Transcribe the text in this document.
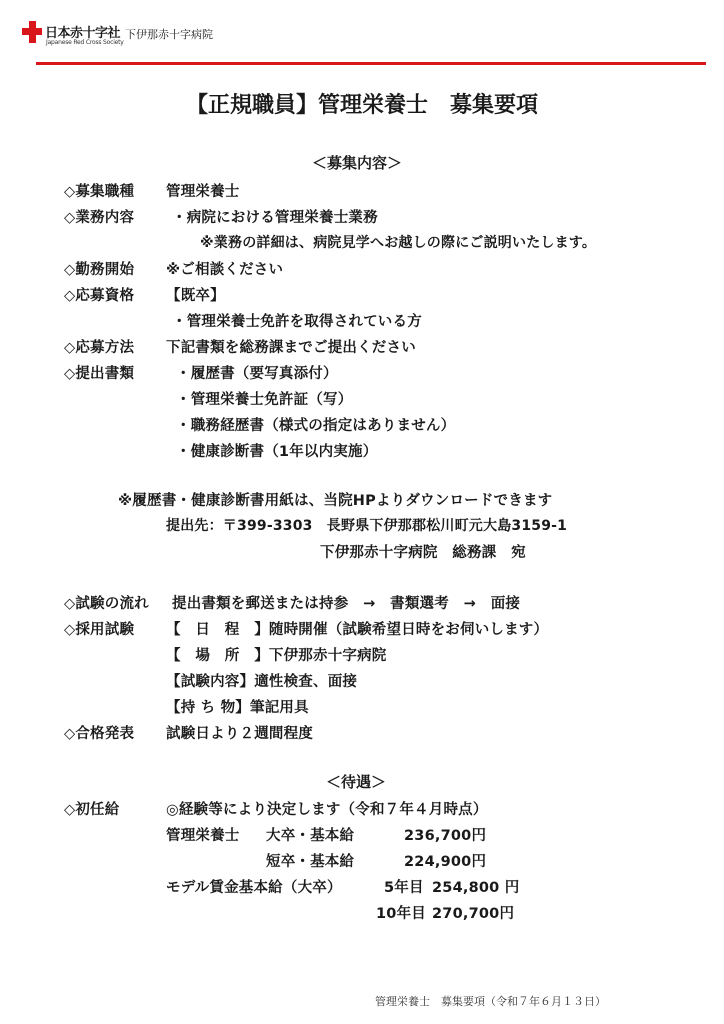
日本赤十字社
Japanese Red Cross Society
下伊那赤十字病院
【正規職員】管理栄養士　募集要項
＜募集内容＞
◇募集職種 管理栄養士
◇業務内容	・病院における管理栄養士業務
※業務の詳細は、病院見学へお越しの際にご説明いたします。
◇勤務開始 ※ご相談ください
◇応募資格 【既卒】
・管理栄養士免許を取得されている方
◇応募方法 下記書類を総務課までご提出ください
◇提出書類	・履歴書（要写真添付）
・管理栄養士免許証（写）
・職務経歴書（様式の指定はありません）
・健康診断書（1年以内実施）
※履歴書・健康診断書用紙は、当院HPよりダウンロードできます
提出先：〒399-3303　長野県下伊那郡松川町元大島3159-1
下伊那赤十字病院　総務課　宛
◇試験の流れ 提出書類を郵送または持参　→　書類選考　→　面接
◇採用試験 【　日　程　】随時開催（試験希望日時をお伺いします）
【　場　所　】下伊那赤十字病院
【試験内容】適性検査、面接
【持 ち 物】筆記用具
◇合格発表 試験日より２週間程度
＜待遇＞
◇初任給	◎経験等により決定します（令和７年４月時点）
管理栄養士 大卒・基本給	236,700円
短卒・基本給	224,900円
モデル賃金基本給（大卒）	5年目 254,800 円
10年目 270,700円
管理栄養士　募集要項（令和７年６月１３日）
